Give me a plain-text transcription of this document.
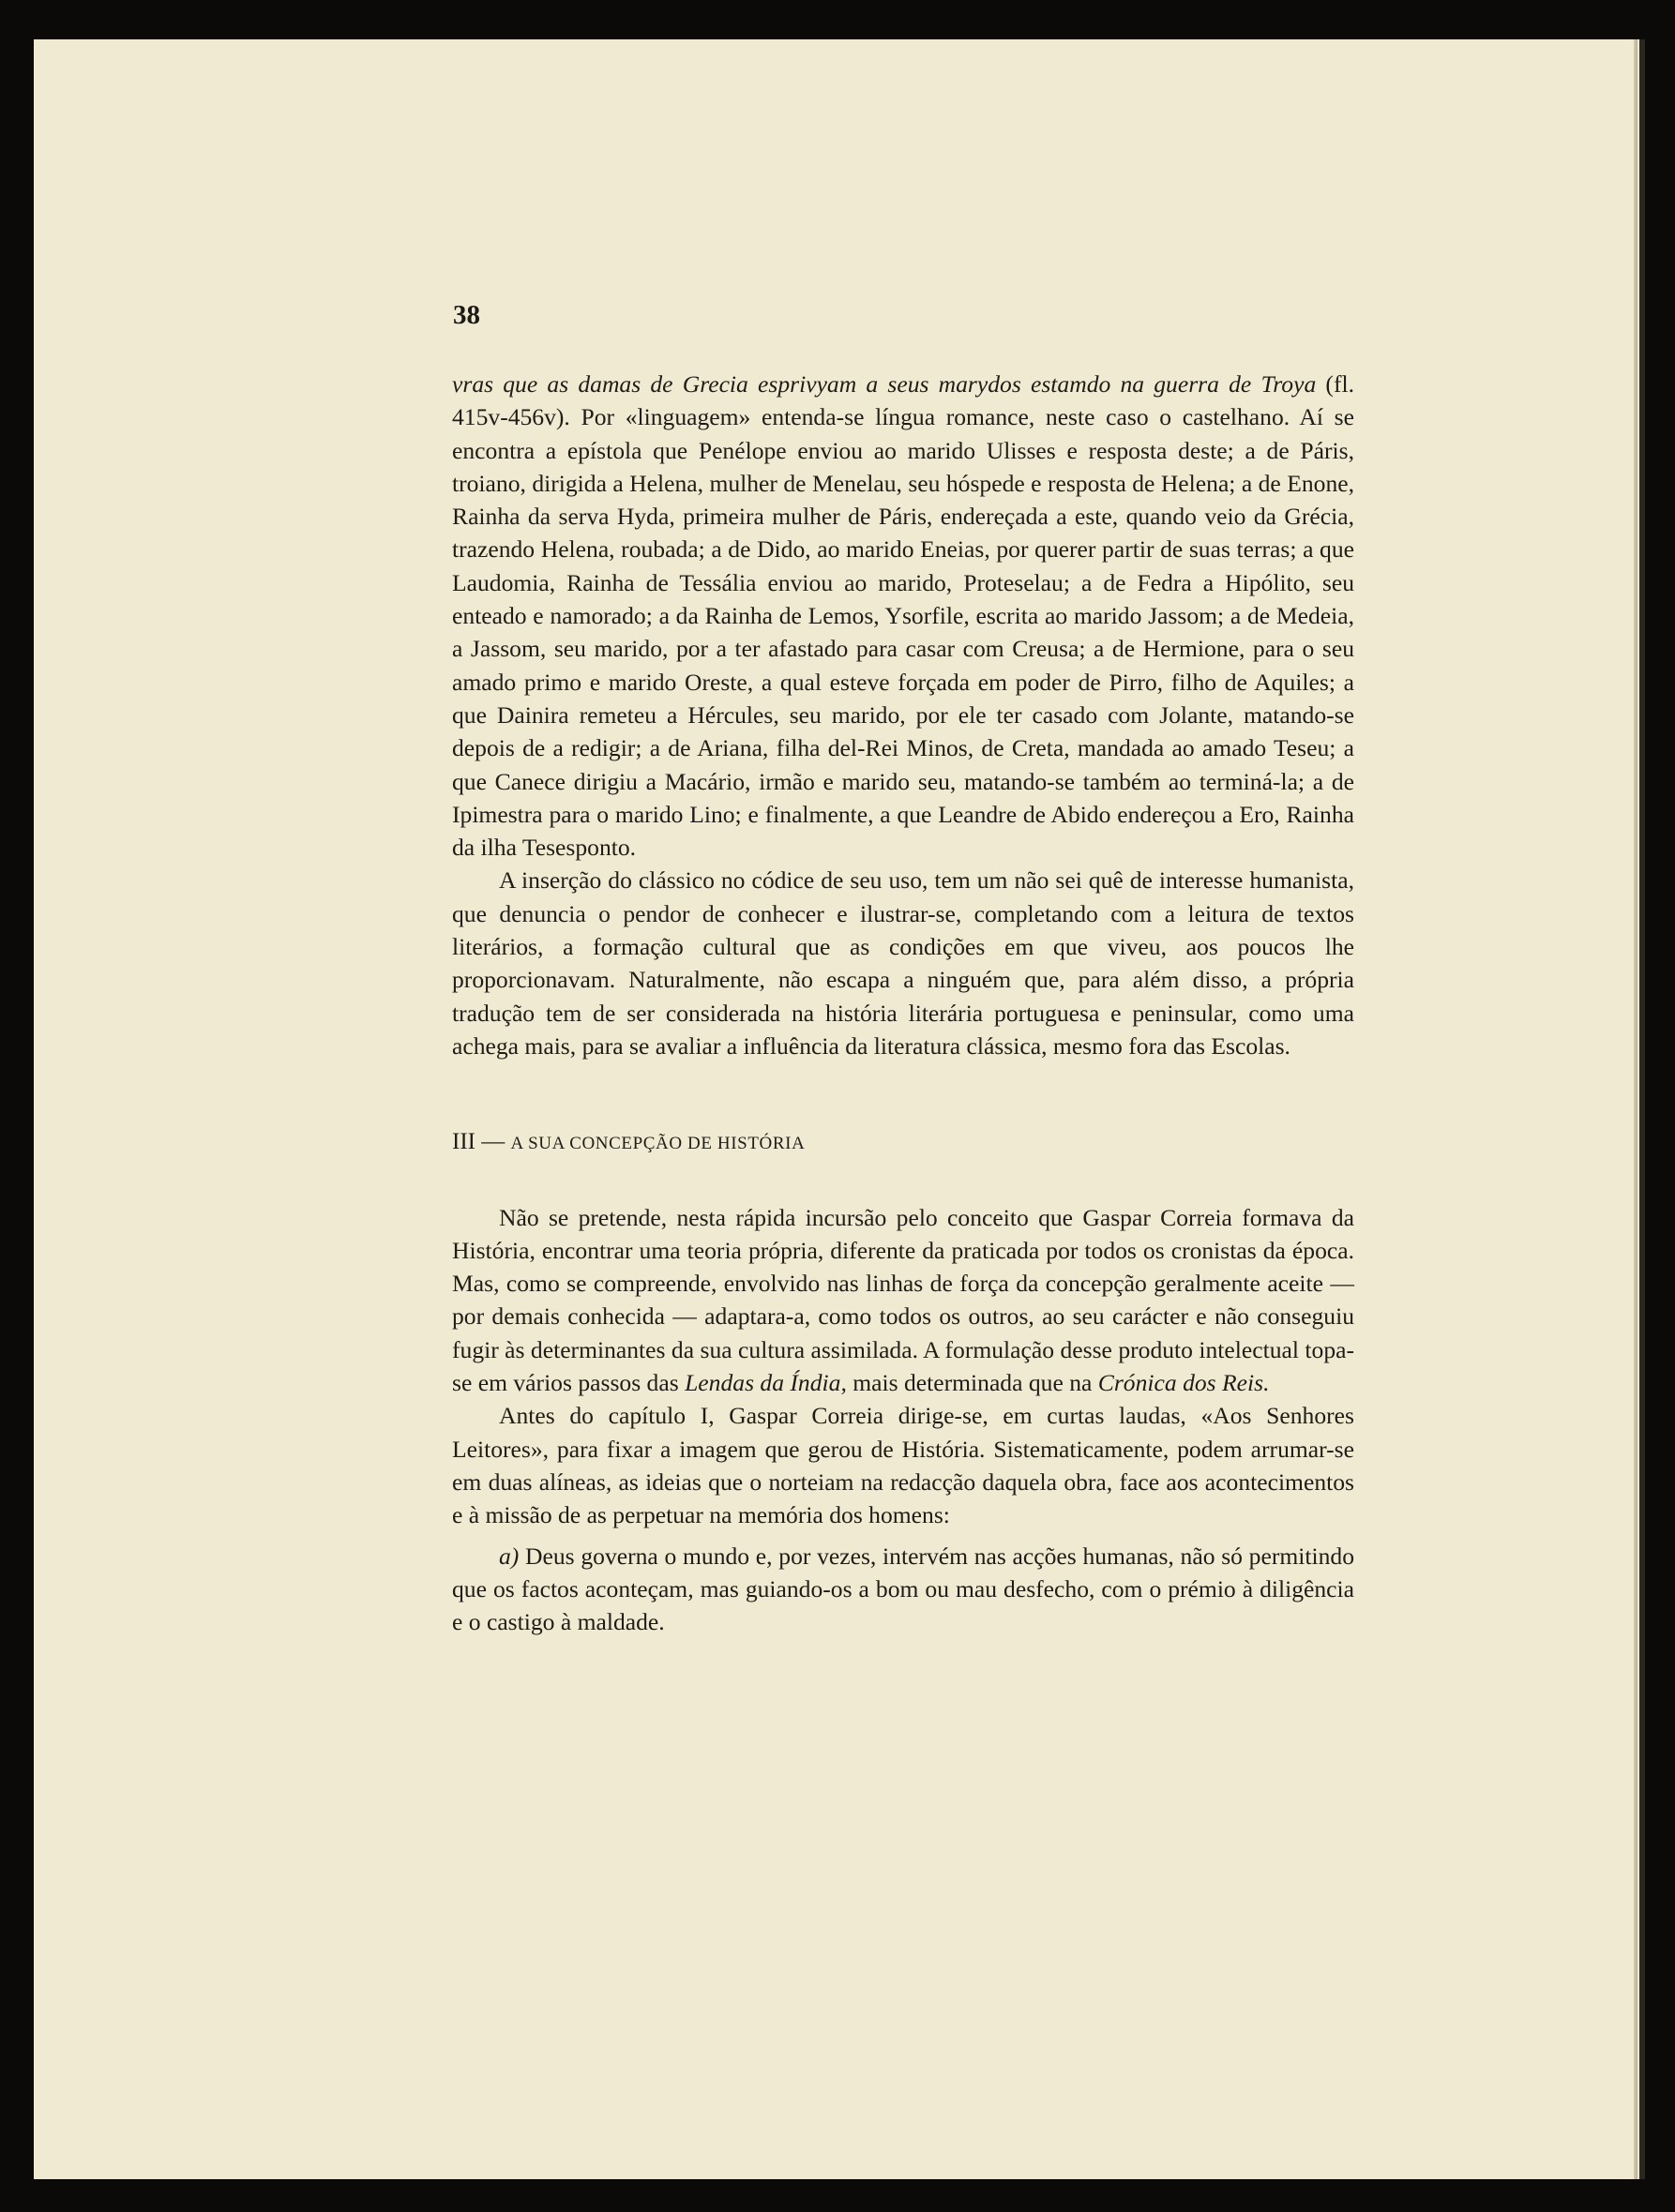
38

vras que as damas de Grecia esprivyam a seus marydos estamdo na guerra de Troya (fl. 415v-456v). Por «linguagem» entenda-se língua romance, neste caso o castelhano. Aí se encontra a epístola que Penélope enviou ao marido Ulisses e resposta deste; a de Páris, troiano, dirigida a Helena, mulher de Menelau, seu hóspede e resposta de Helena; a de Enone, Rainha da serva Hyda, primeira mulher de Páris, endereçada a este, quando veio da Grécia, trazendo Helena, roubada; a de Dido, ao marido Eneias, por querer partir de suas terras; a que Laudomia, Rainha de Tessália enviou ao marido, Proteselau; a de Fedra a Hipólito, seu enteado e namorado; a da Rainha de Lemos, Ysorfile, escrita ao marido Jassom; a de Medeia, a Jassom, seu marido, por a ter afastado para casar com Creusa; a de Hermione, para o seu amado primo e marido Oreste, a qual esteve forçada em poder de Pirro, filho de Aquiles; a que Dainira remeteu a Hércules, seu marido, por ele ter casado com Jolante, matando-se depois de a redigir; a de Ariana, filha del-Rei Minos, de Creta, mandada ao amado Teseu; a que Canece dirigiu a Macário, irmão e marido seu, matando-se também ao terminá-la; a de Ipimestra para o marido Lino; e finalmente, a que Leandre de Abido endereçou a Ero, Rainha da ilha Tesesponto.

A inserção do clássico no códice de seu uso, tem um não sei quê de interesse humanista, que denuncia o pendor de conhecer e ilustrar-se, completando com a leitura de textos literários, a formação cultural que as condições em que viveu, aos poucos lhe proporcionavam. Naturalmente, não escapa a ninguém que, para além disso, a própria tradução tem de ser considerada na história literária portuguesa e peninsular, como uma achega mais, para se avaliar a influência da literatura clássica, mesmo fora das Escolas.

III — A SUA CONCEPÇÃO DE HISTÓRIA

Não se pretende, nesta rápida incursão pelo conceito que Gaspar Correia formava da História, encontrar uma teoria própria, diferente da praticada por todos os cronistas da época. Mas, como se compreende, envolvido nas linhas de força da concepção geralmente aceite — por demais conhecida — adaptara-a, como todos os outros, ao seu carácter e não conseguiu fugir às determinantes da sua cultura assimilada. A formulação desse produto intelectual topa-se em vários passos das Lendas da Índia, mais determinada que na Crónica dos Reis.

Antes do capítulo I, Gaspar Correia dirige-se, em curtas laudas, «Aos Senhores Leitores», para fixar a imagem que gerou de História. Sistematicamente, podem arrumar-se em duas alíneas, as ideias que o norteiam na redacção daquela obra, face aos acontecimentos e à missão de as perpetuar na memória dos homens:

a) Deus governa o mundo e, por vezes, intervém nas acções humanas, não só permitindo que os factos aconteçam, mas guiando-os a bom ou mau desfecho, com o prémio à diligência e o castigo à maldade.
